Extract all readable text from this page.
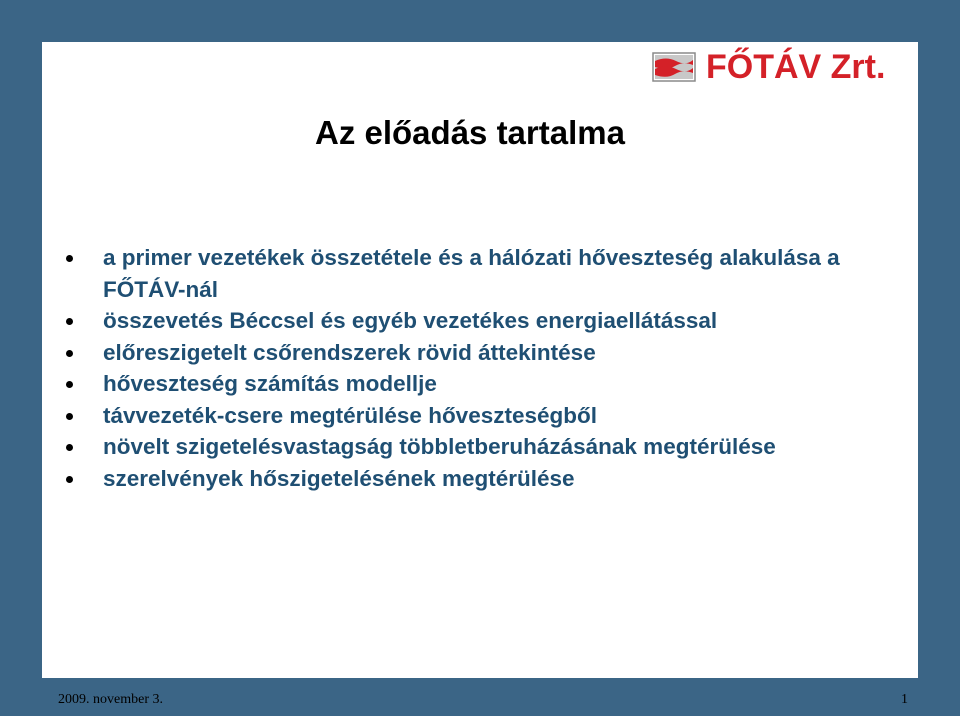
FŐTÁV Zrt.
Az előadás tartalma
a primer vezetékek összetétele és a hálózati hőveszteség alakulása a FŐTÁV-nál
összevetés Béccsel és egyéb vezetékes energiaellátással
előreszigetelt csőrendszerek rövid áttekintése
hőveszteség számítás modellje
távvezeték-csere megtérülése hőveszteségből
növelt szigetelésvastagság többletberuházásának megtérülése
szerelvények hőszigetelésének megtérülése
2009. november 3.	1
